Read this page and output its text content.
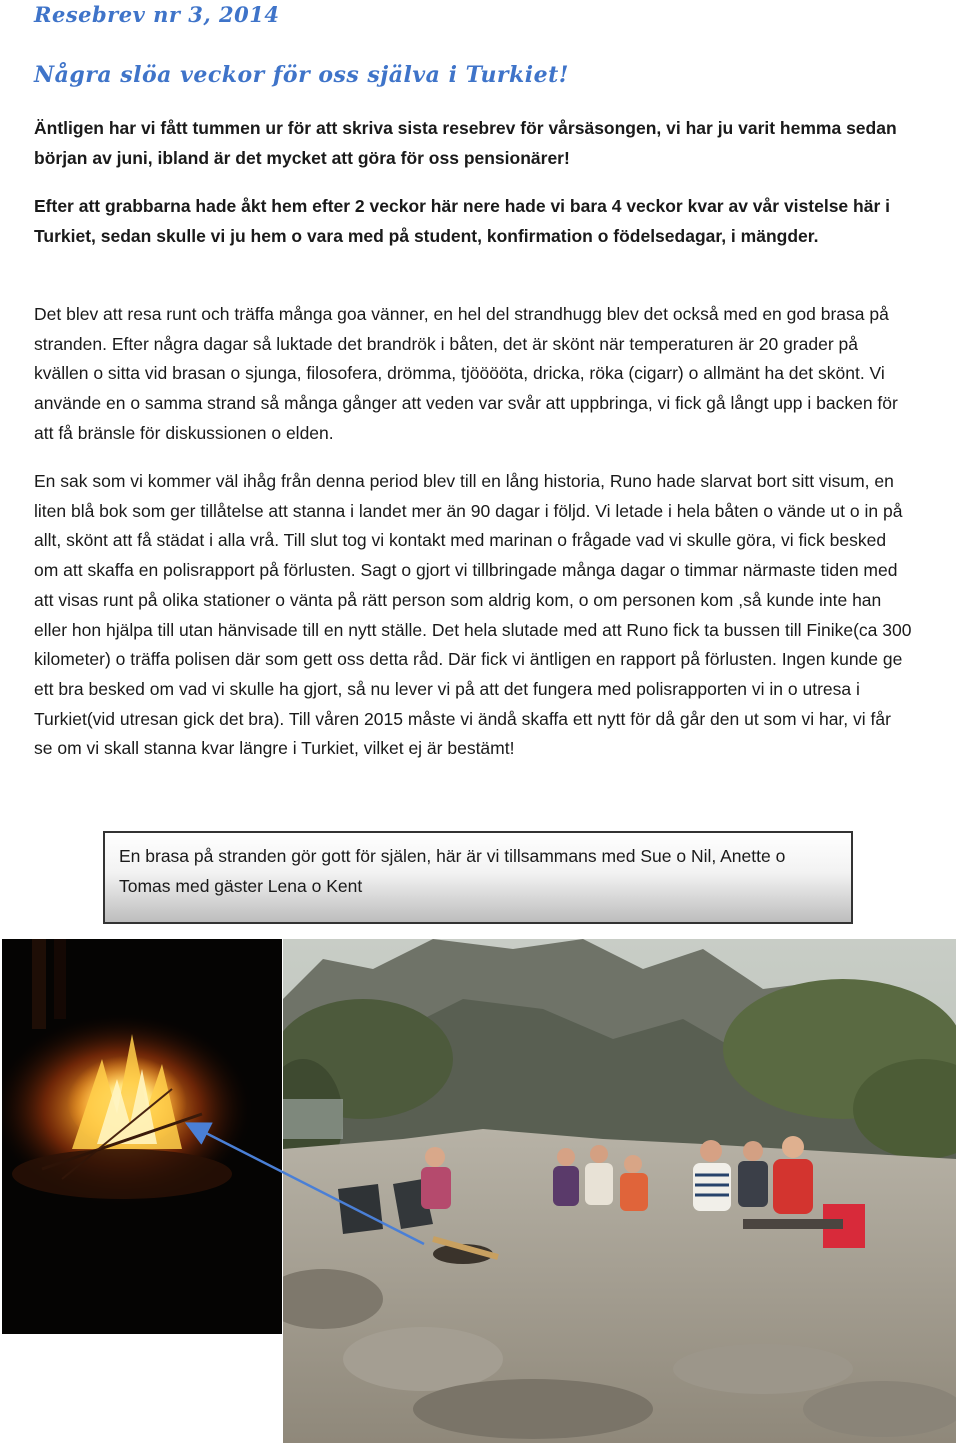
Resebrev nr 3, 2014
Några slöa veckor för oss själva i Turkiet!

Äntligen har vi fått tummen ur för att skriva sista resebrev för vårsäsongen, vi har ju varit hemma sedan början av juni, ibland är det mycket att göra för oss pensionärer!

Efter att grabbarna hade åkt hem efter 2 veckor här nere hade vi bara 4 veckor kvar av vår vistelse här i Turkiet, sedan skulle vi ju hem o vara med på student, konfirmation o födelsedagar, i mängder.

Det blev att resa runt och träffa många goa vänner, en hel del strandhugg blev det också med en god brasa på stranden. Efter några dagar så luktade det brandrök i båten, det är skönt när temperaturen är 20 grader på kvällen o sitta vid brasan o sjunga, filosofera, drömma, tjööööta, dricka, röka (cigarr) o allmänt ha det skönt. Vi använde en o samma strand så många gånger att veden var svår att uppbringa, vi fick gå långt upp i backen för att få bränsle för diskussionen o elden.

En sak som vi kommer väl ihåg från denna period blev till en lång historia, Runo hade slarvat bort sitt visum, en liten blå bok som ger tillåtelse att stanna i landet mer än 90 dagar i följd. Vi letade i hela båten o vände ut o in på allt, skönt att få städat i alla vrå. Till slut tog vi kontakt med marinan o frågade vad vi skulle göra, vi fick besked om att skaffa en polisrapport på förlusten. Sagt o gjort vi tillbringade många dagar o timmar närmaste tiden med att visas runt på olika stationer o vänta på rätt person som aldrig kom, o om personen kom ,så kunde inte han eller hon hjälpa till utan hänvisade till en nytt ställe. Det hela slutade med att Runo fick ta bussen till Finike(ca 300 kilometer) o träffa polisen där som gett oss detta råd. Där fick vi äntligen en rapport på förlusten. Ingen kunde ge ett bra besked om vad vi skulle ha gjort, så nu lever vi på att det fungera med polisrapporten vi in o utresa i Turkiet(vid utresan gick det bra). Till våren 2015 måste vi ändå skaffa ett nytt för då går den ut som vi har, vi får se om vi skall stanna kvar längre i Turkiet, vilket ej är bestämt!

En brasa på stranden gör gott för själen, här är vi tillsammans med Sue o Nil, Anette o Tomas med gäster Lena o Kent
